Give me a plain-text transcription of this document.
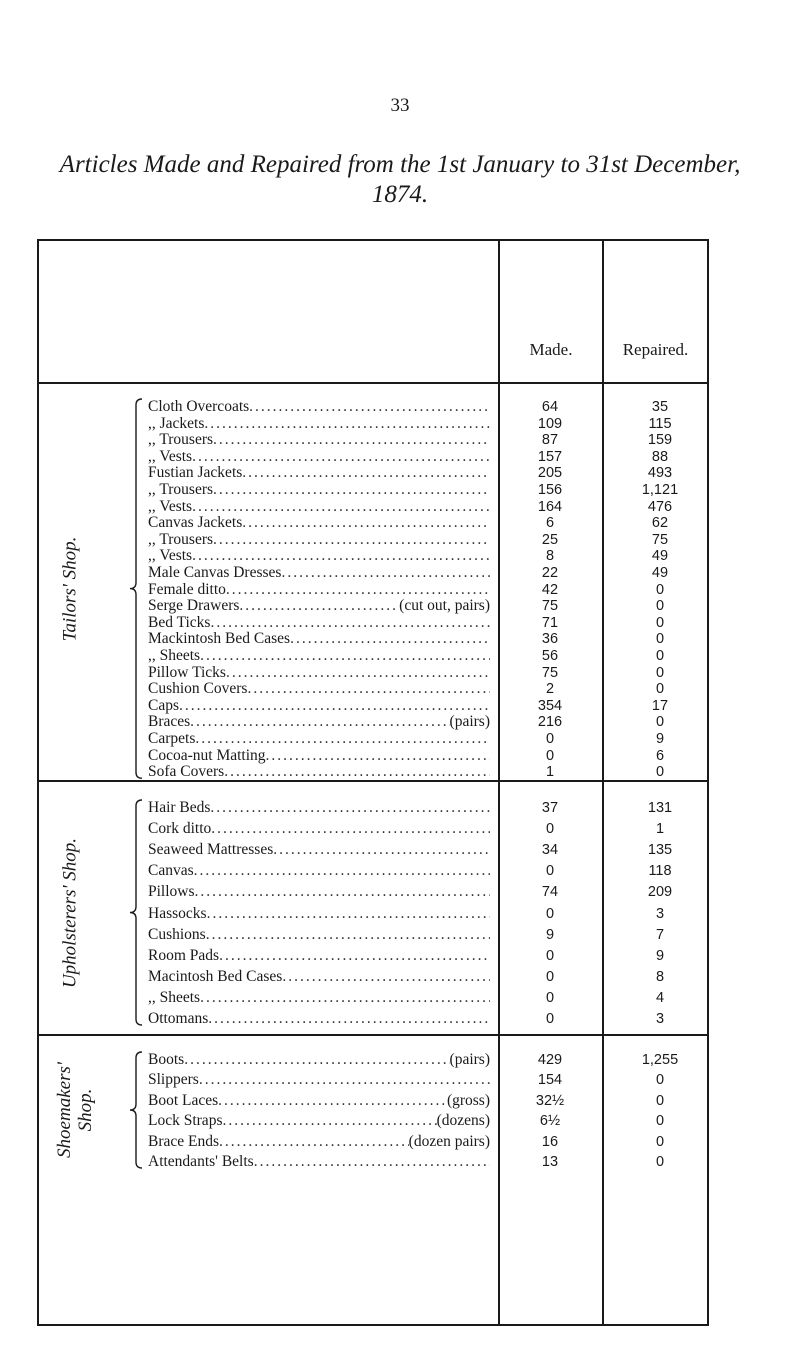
33
Articles Made and Repaired from the 1st January to 31st December, 1874.
Made.	Repaired.
Tailors' Shop.
Cloth Overcoats .....	64	35
,, Jackets .....	109	115
,, Trousers .....	87	159
,, Vests .....	157	88
Fustian Jackets .....	205	493
,, Trousers .....	156	1,121
,, Vests .....	164	476
Canvas Jackets .....	6	62
,, Trousers .....	25	75
,, Vests .....	8	49
Male Canvas Dresses .....	22	49
Female ditto .....	42	0
Serge Drawers .....	(cut out, pairs)	75	0
Bed Ticks .....	71	0
Mackintosh Bed Cases .....	36	0
,, Sheets .....	56	0
Pillow Ticks .....	75	0
Cushion Covers .....	2	0
Caps .....	354	17
Braces .....	(pairs)	216	0
Carpets .....	0	9
Cocoa-nut Matting .....	0	6
Sofa Covers .....	1	0
Upholsterers' Shop.
Hair Beds .....	37	131
Cork ditto .....	0	1
Seaweed Mattresses .....	34	135
Canvas .....	0	118
Pillows .....	74	209
Hassocks .....	0	3
Cushions .....	9	7
Room Pads .....	0	9
Macintosh Bed Cases .....	0	8
,, Sheets .....	0	4
Ottomans .....	0	3
Shoemakers' Shop.
Boots .....	(pairs)	429	1,255
Slippers .....	154	0
Boot Laces .....	(gross)	32½	0
Lock Straps .....	(dozens)	6½	0
Brace Ends .....	(dozen pairs)	16	0
Attendants' Belts .....	13	0
